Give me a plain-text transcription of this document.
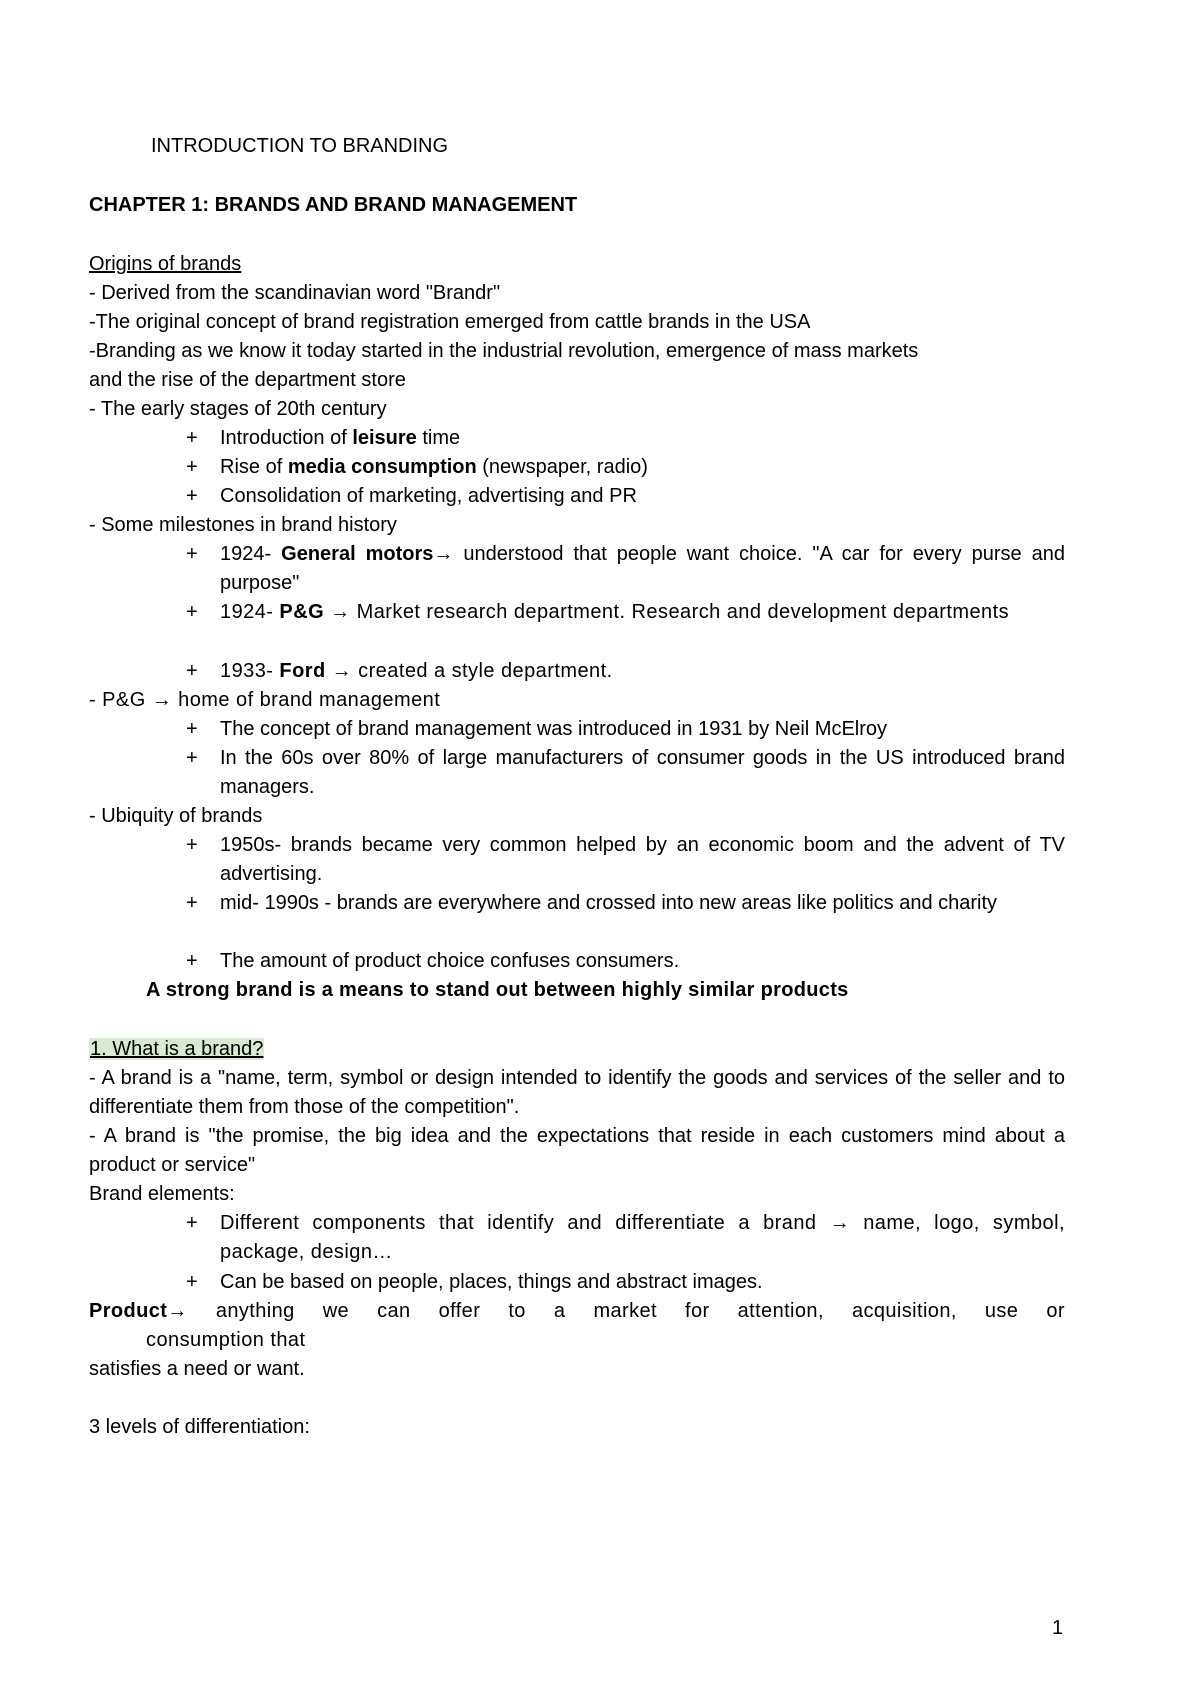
INTRODUCTION TO BRANDING

CHAPTER 1: BRANDS AND BRAND MANAGEMENT

Origins of brands

- Derived from the scandinavian word "Brandr"

-The original concept of brand registration emerged from cattle brands in the USA

-Branding as we know it today started in the industrial revolution, emergence of mass markets

and the rise of the department store

- The early stages of 20th century

+ Introduction of leisure time
+ Rise of media consumption (newspaper, radio)
+ Consolidation of marketing, advertising and PR

- Some milestones in brand history

+ 1924- General motors→ understood that people want choice. "A car for every purse and purpose"
+ 1924- P&G → Market research department. Research and development departments
+ 1933- Ford → created a style department.

- P&G → home of brand management

+ The concept of brand management was introduced in 1931 by Neil McElroy
+ In the 60s over 80% of large manufacturers of consumer goods in the US introduced brand managers.

- Ubiquity of brands

+ 1950s- brands became very common helped by an economic boom and the advent of TV advertising.
+ mid- 1990s - brands are everywhere and crossed into new areas like politics and charity
+ The amount of product choice confuses consumers.

A strong brand is a means to stand out between highly similar products

1. What is a brand?

- A brand is a "name, term, symbol or design intended to identify the goods and services of the seller and to differentiate them from those of the competition".

- A brand is "the promise, the big idea and the expectations that reside in each customers mind about a product or service"

Brand elements:

+ Different components that identify and differentiate a brand → name, logo, symbol, package, design…
+ Can be based on people, places, things and abstract images.
Product→ anything we can offer to a market for attention, acquisition, use or

consumption that

satisfies a need or want.

3 levels of differentiation:

1
